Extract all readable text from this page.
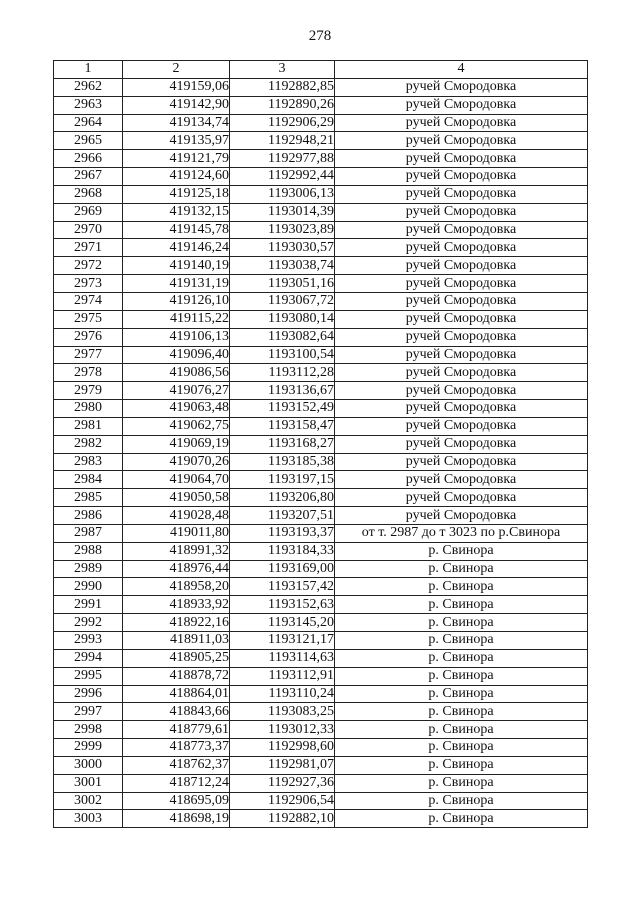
278
1	2	3	4
2962	419159,06	1192882,85	ручей Смородовка
2963	419142,90	1192890,26	ручей Смородовка
2964	419134,74	1192906,29	ручей Смородовка
2965	419135,97	1192948,21	ручей Смородовка
2966	419121,79	1192977,88	ручей Смородовка
2967	419124,60	1192992,44	ручей Смородовка
2968	419125,18	1193006,13	ручей Смородовка
2969	419132,15	1193014,39	ручей Смородовка
2970	419145,78	1193023,89	ручей Смородовка
2971	419146,24	1193030,57	ручей Смородовка
2972	419140,19	1193038,74	ручей Смородовка
2973	419131,19	1193051,16	ручей Смородовка
2974	419126,10	1193067,72	ручей Смородовка
2975	419115,22	1193080,14	ручей Смородовка
2976	419106,13	1193082,64	ручей Смородовка
2977	419096,40	1193100,54	ручей Смородовка
2978	419086,56	1193112,28	ручей Смородовка
2979	419076,27	1193136,67	ручей Смородовка
2980	419063,48	1193152,49	ручей Смородовка
2981	419062,75	1193158,47	ручей Смородовка
2982	419069,19	1193168,27	ручей Смородовка
2983	419070,26	1193185,38	ручей Смородовка
2984	419064,70	1193197,15	ручей Смородовка
2985	419050,58	1193206,80	ручей Смородовка
2986	419028,48	1193207,51	ручей Смородовка
2987	419011,80	1193193,37	от т. 2987 до т 3023 по р.Свинора
2988	418991,32	1193184,33	р. Свинора
2989	418976,44	1193169,00	р. Свинора
2990	418958,20	1193157,42	р. Свинора
2991	418933,92	1193152,63	р. Свинора
2992	418922,16	1193145,20	р. Свинора
2993	418911,03	1193121,17	р. Свинора
2994	418905,25	1193114,63	р. Свинора
2995	418878,72	1193112,91	р. Свинора
2996	418864,01	1193110,24	р. Свинора
2997	418843,66	1193083,25	р. Свинора
2998	418779,61	1193012,33	р. Свинора
2999	418773,37	1192998,60	р. Свинора
3000	418762,37	1192981,07	р. Свинора
3001	418712,24	1192927,36	р. Свинора
3002	418695,09	1192906,54	р. Свинора
3003	418698,19	1192882,10	р. Свинора
